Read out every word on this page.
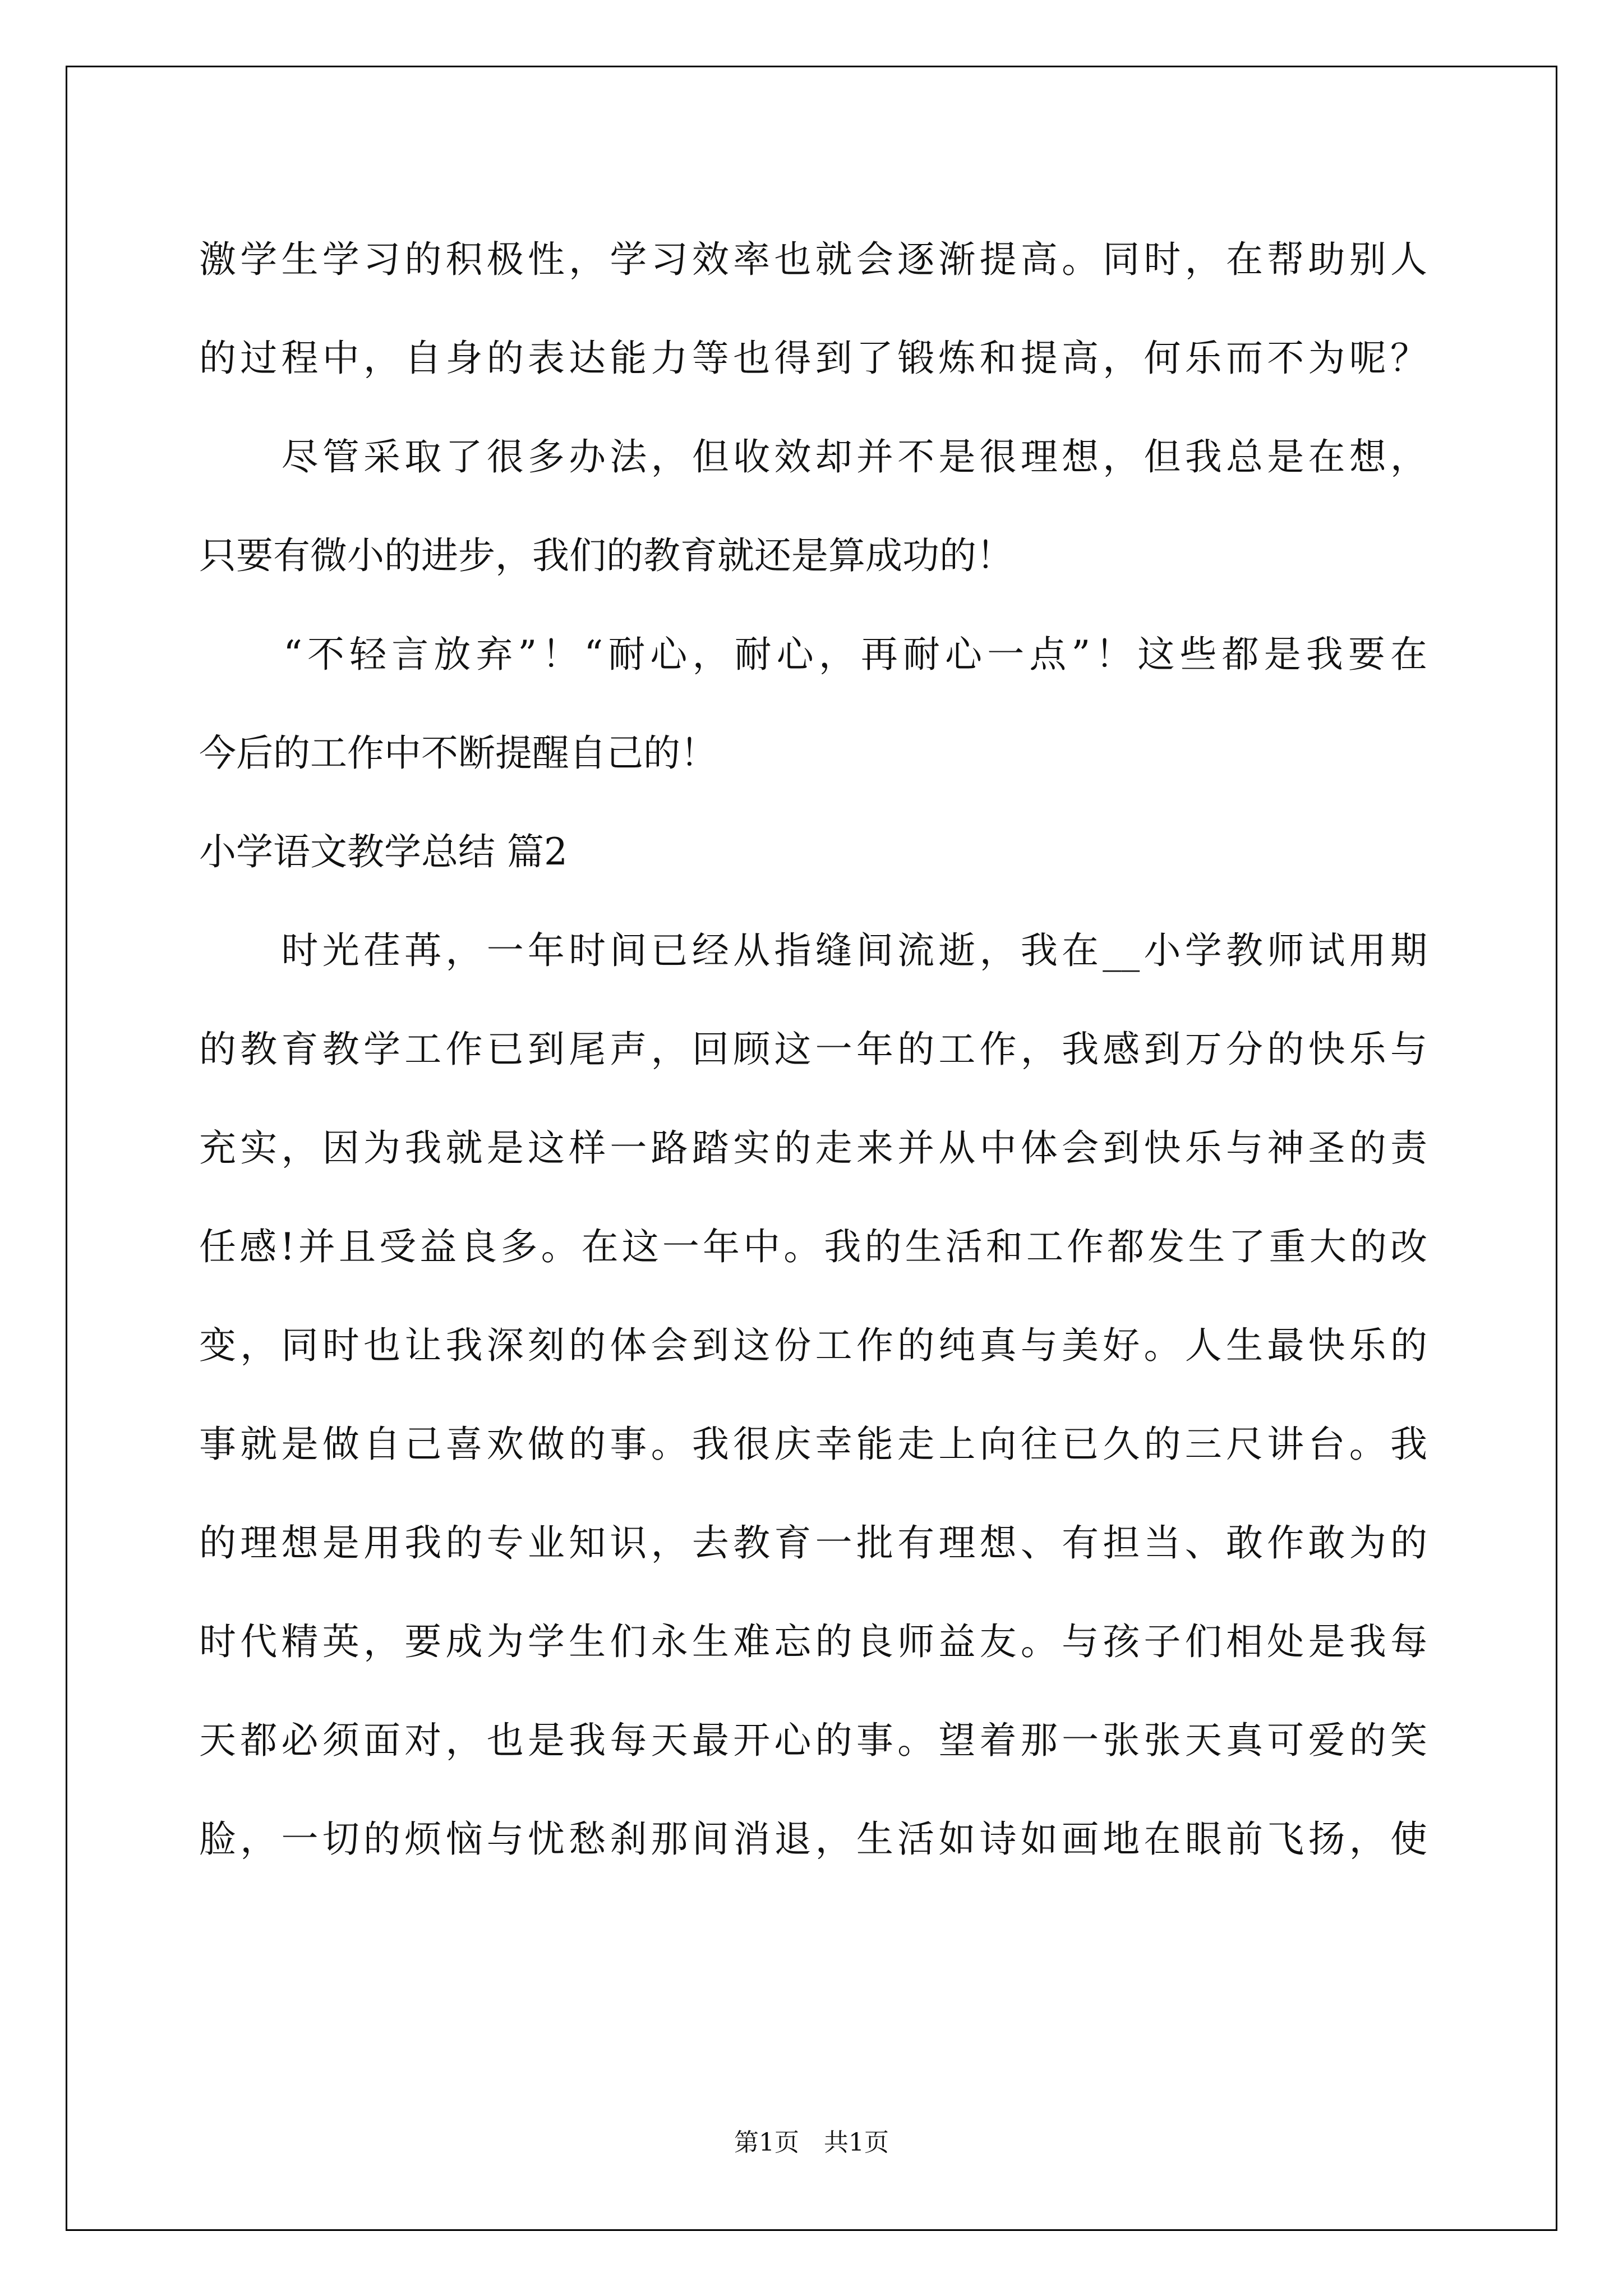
激学生学习的积极性，学习效率也就会逐渐提高。同时，在帮助别人

的过程中，自身的表达能力等也得到了锻炼和提高，何乐而不为呢？

　　尽管采取了很多办法，但收效却并不是很理想，但我总是在想，

只要有微小的进步，我们的教育就还是算成功的！

　　“不轻言放弃”！“耐心，耐心，再耐心一点”！这些都是我要在

今后的工作中不断提醒自己的！

小学语文教学总结 篇2

　　时光荏苒，一年时间已经从指缝间流逝，我在__小学教师试用期

的教育教学工作已到尾声，回顾这一年的工作，我感到万分的快乐与

充实，因为我就是这样一路踏实的走来并从中体会到快乐与神圣的责

任感!并且受益良多。在这一年中。我的生活和工作都发生了重大的改

变，同时也让我深刻的体会到这份工作的纯真与美好。人生最快乐的

事就是做自己喜欢做的事。我很庆幸能走上向往已久的三尺讲台。我

的理想是用我的专业知识，去教育一批有理想、有担当、敢作敢为的

时代精英，要成为学生们永生难忘的良师益友。与孩子们相处是我每

天都必须面对，也是我每天最开心的事。望着那一张张天真可爱的笑

脸，一切的烦恼与忧愁刹那间消退，生活如诗如画地在眼前飞扬，使

第1页　共1页
